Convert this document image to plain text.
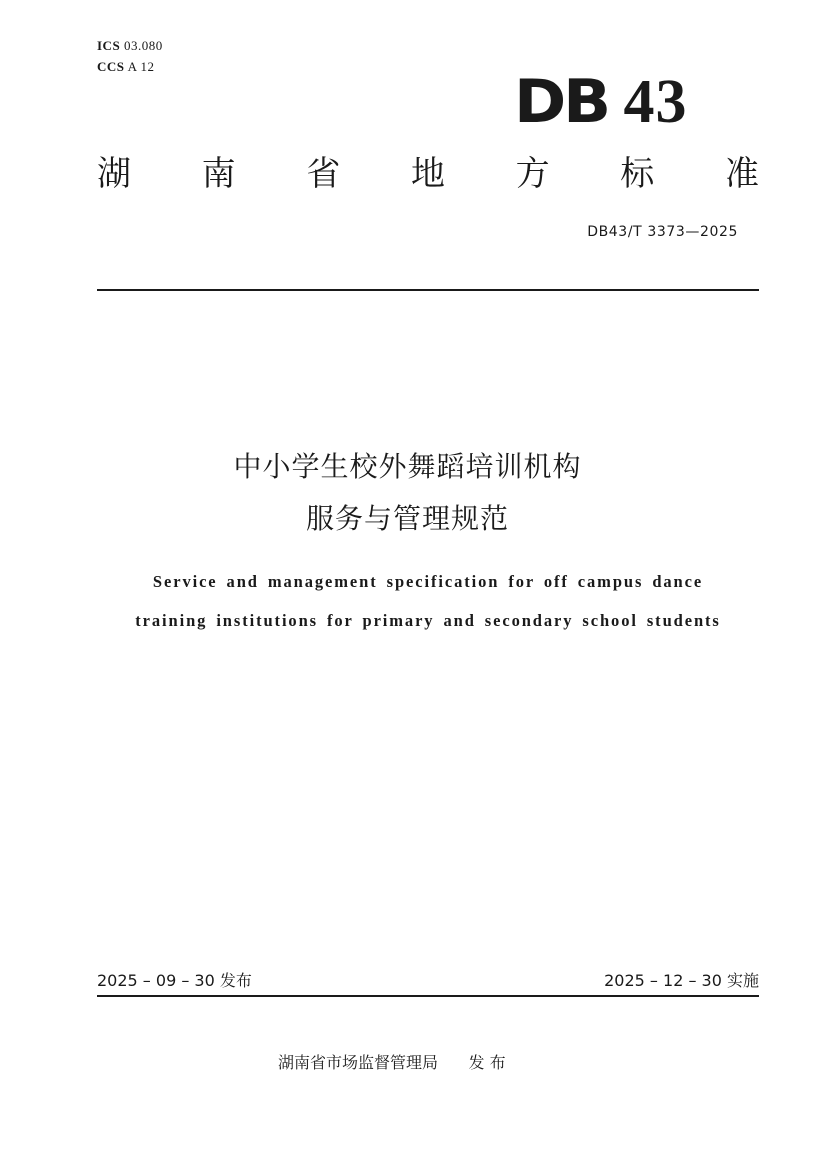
ICS 03.080
CCS A 12
DB 43
湖 南 省 地 方 标 准
DB43/T 3373—2025
中小学生校外舞蹈培训机构
服务与管理规范
Service and management specification for off campus dance
training institutions for primary and secondary school students
2025 – 09 – 30 发布	2025 – 12 – 30 实施
湖南省市场监督管理局 发 布
